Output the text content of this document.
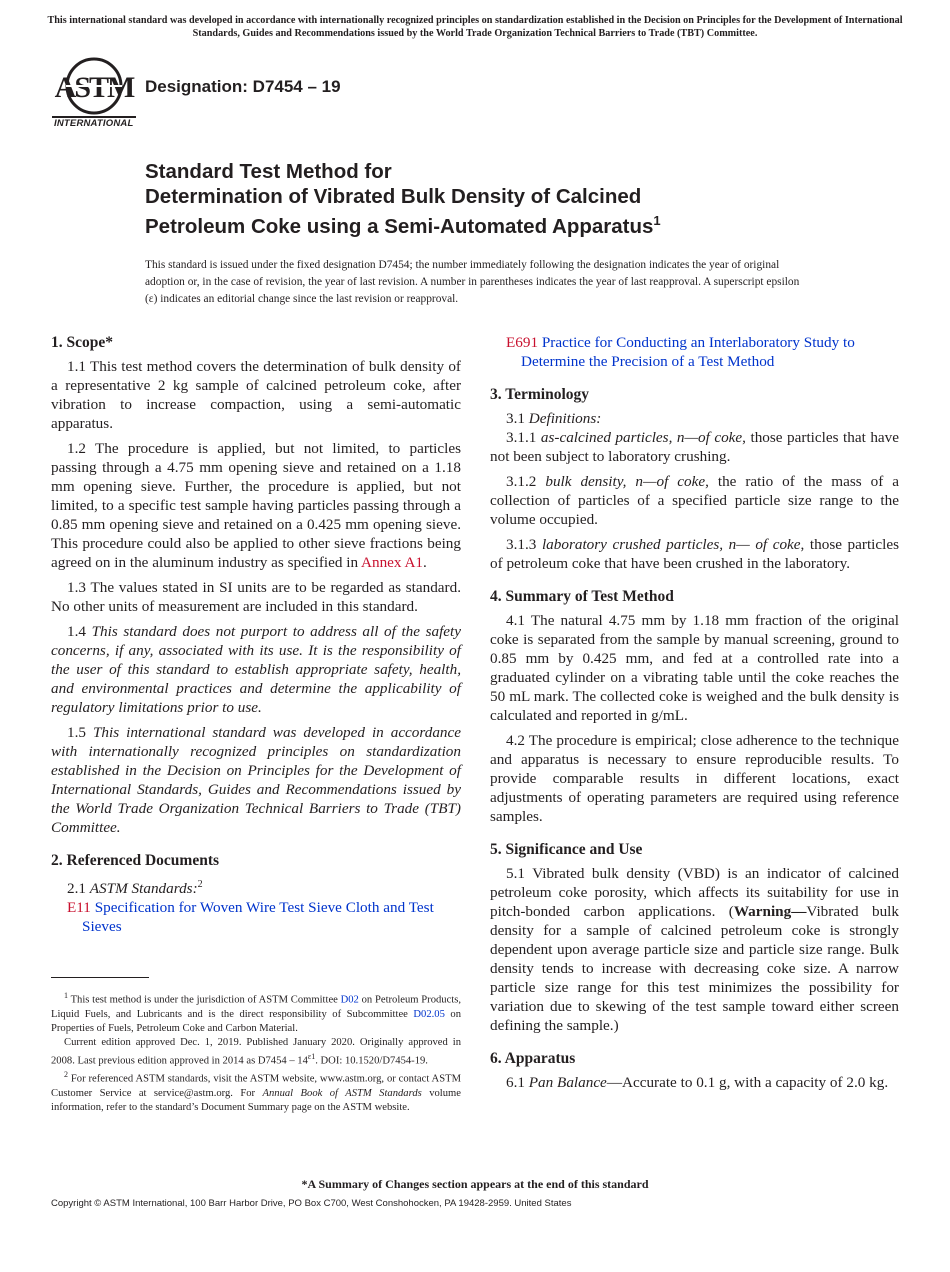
This international standard was developed in accordance with internationally recognized principles on standardization established in the Decision on Principles for the Development of International Standards, Guides and Recommendations issued by the World Trade Organization Technical Barriers to Trade (TBT) Committee.
ASTM
INTERNATIONAL
Designation: D7454 – 19
Standard Test Method for
Determination of Vibrated Bulk Density of Calcined
Petroleum Coke using a Semi-Automated Apparatus$^1$
This standard is issued under the fixed designation D7454; the number immediately following the designation indicates the year of original adoption or, in the case of revision, the year of last revision. A number in parentheses indicates the year of last reapproval. A superscript epsilon (ε) indicates an editorial change since the last revision or reapproval.
1. Scope*

1.1 This test method covers the determination of bulk density of a representative 2 kg sample of calcined petroleum coke, after vibration to increase compaction, using a semi-automatic apparatus.

1.2 The procedure is applied, but not limited, to particles passing through a 4.75 mm opening sieve and retained on a 1.18 mm opening sieve. Further, the procedure is applied, but not limited, to a specific test sample having particles passing through a 0.85 mm opening sieve and retained on a 0.425 mm opening sieve. This procedure could also be applied to other sieve fractions being agreed on in the aluminum industry as specified in Annex A1.

1.3 The values stated in SI units are to be regarded as standard. No other units of measurement are included in this standard.

1.4 This standard does not purport to address all of the safety concerns, if any, associated with its use. It is the responsibility of the user of this standard to establish appropriate safety, health, and environmental practices and determine the applicability of regulatory limitations prior to use.

1.5 This international standard was developed in accordance with internationally recognized principles on standardization established in the Decision on Principles for the Development of International Standards, Guides and Recommendations issued by the World Trade Organization Technical Barriers to Trade (TBT) Committee.

2. Referenced Documents

2.1 ASTM Standards:$^2$

E11 Specification for Woven Wire Test Sieve Cloth and Test
Sieves

$^1$ This test method is under the jurisdiction of ASTM Committee D02 on Petroleum Products, Liquid Fuels, and Lubricants and is the direct responsibility of Subcommittee D02.05 on Properties of Fuels, Petroleum Coke and Carbon Material.

Current edition approved Dec. 1, 2019. Published January 2020. Originally approved in 2008. Last previous edition approved in 2014 as $D7454 - 14^{\varepsilon 1}$. DOI: 10.1520/D7454-19.

$^2$ For referenced ASTM standards, visit the ASTM website, www.astm.org, or contact ASTM Customer Service at service@astm.org. For Annual Book of ASTM Standards volume information, refer to the standard’s Document Summary page on the ASTM website.

E691 Practice for Conducting an Interlaboratory Study to
Determine the Precision of a Test Method
3. Terminology

3.1 Definitions:

3.1.1 as-calcined particles, n—of coke, those particles that have not been subject to laboratory crushing.

3.1.2 bulk density, n—of coke, the ratio of the mass of a collection of particles of a specified particle size range to the volume occupied.

3.1.3 laboratory crushed particles, n— of coke, those particles of petroleum coke that have been crushed in the laboratory.

4. Summary of Test Method

4.1 The natural 4.75 mm by 1.18 mm fraction of the original coke is separated from the sample by manual screening, ground to 0.85 mm by 0.425 mm, and fed at a controlled rate into a graduated cylinder on a vibrating table until the coke reaches the 50 mL mark. The collected coke is weighed and the bulk density is calculated and reported in g/mL.

4.2 The procedure is empirical; close adherence to the technique and apparatus is necessary to ensure reproducible results. To provide comparable results in different locations, exact adjustments of operating parameters are required using reference samples.

5. Significance and Use

5.1 Vibrated bulk density (VBD) is an indicator of calcined petroleum coke porosity, which affects its suitability for use in pitch-bonded carbon applications. (Warning—Vibrated bulk density for a sample of calcined petroleum coke is strongly dependent upon average particle size and particle size range. Bulk density tends to increase with decreasing coke size. A narrow particle size range for this test minimizes the possibility for variation due to skewing of the test sample toward either screen defining the sample.)

6. Apparatus

6.1 Pan Balance—Accurate to 0.1 g, with a capacity of 2.0 kg.

*A Summary of Changes section appears at the end of this standard
Copyright © ASTM International, 100 Barr Harbor Drive, PO Box C700, West Conshohocken, PA 19428-2959. United States
